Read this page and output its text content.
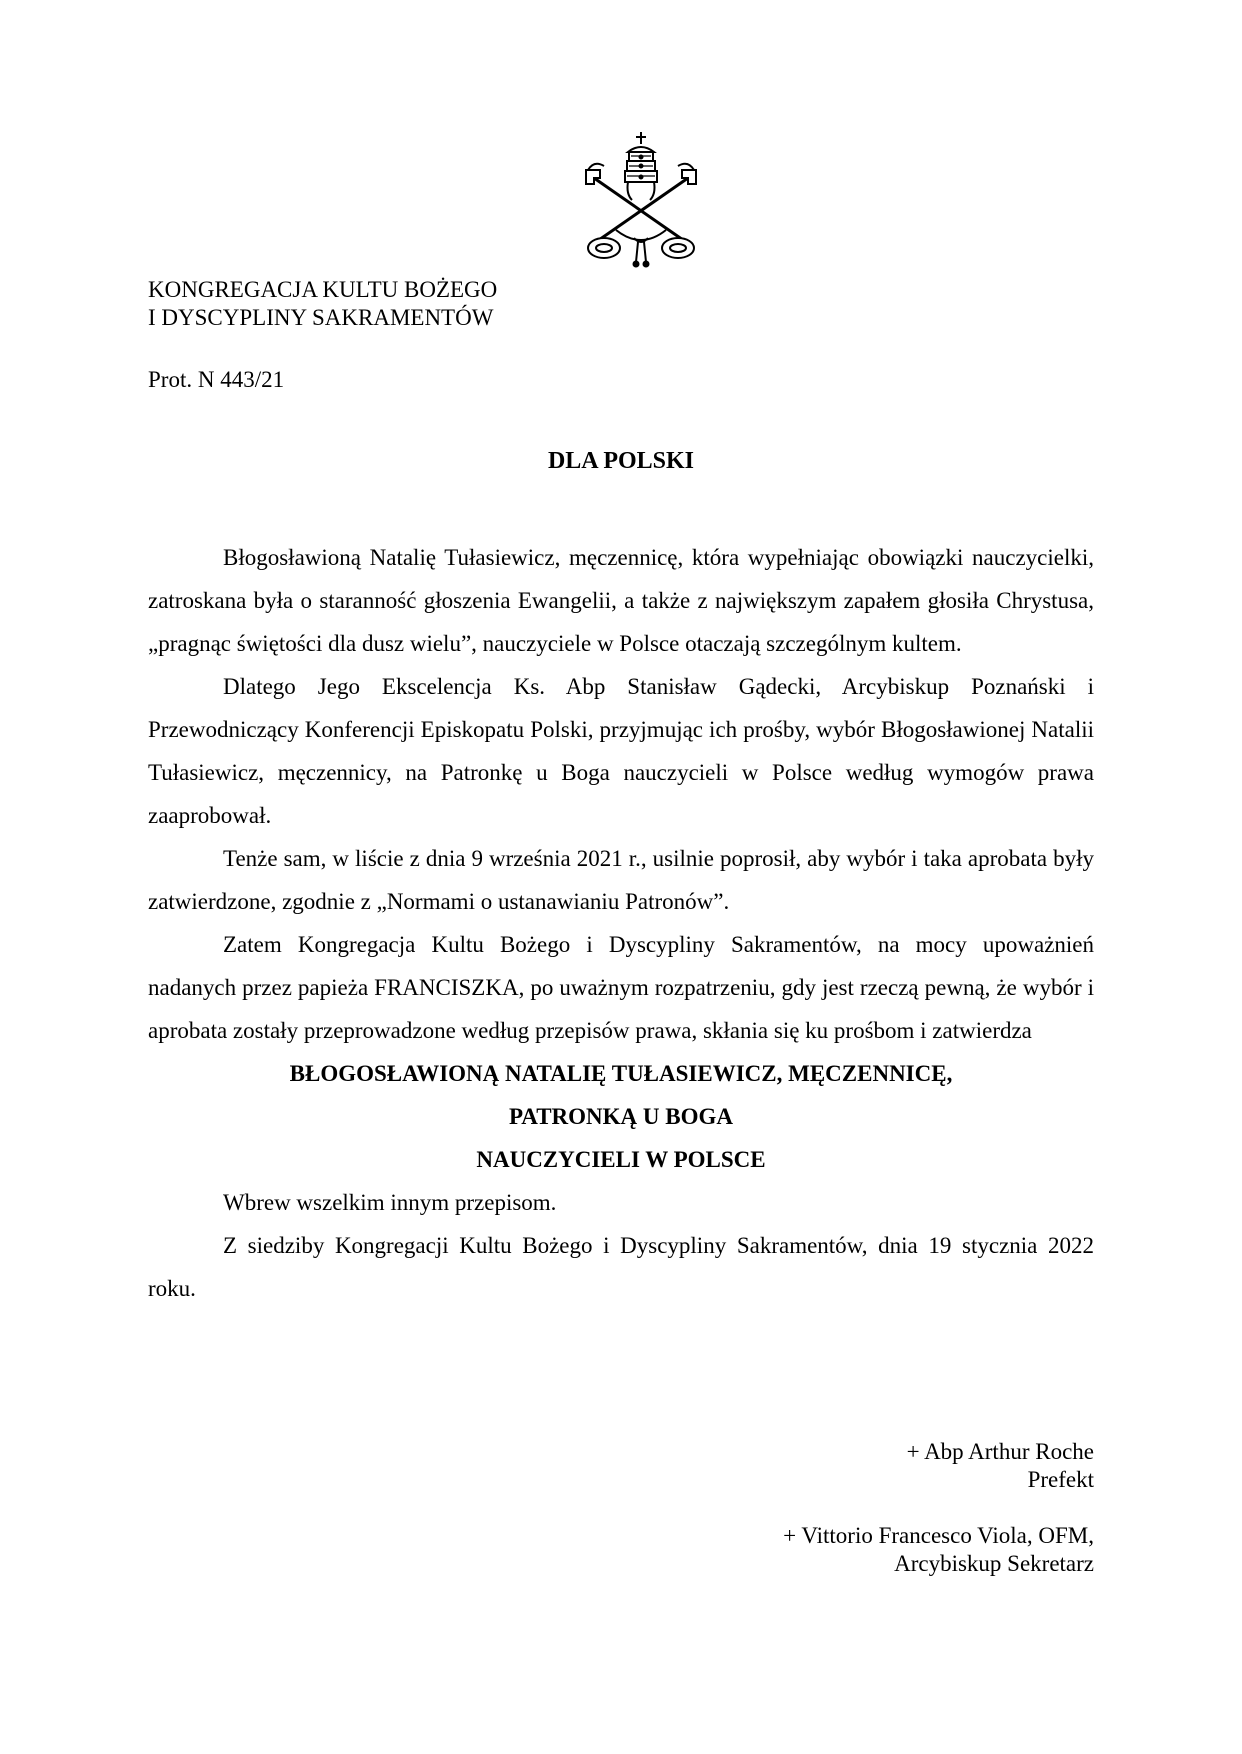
KONGREGACJA KULTU BOŻEGO
I DYSCYPLINY SAKRAMENTÓW
Prot. N 443/21
DLA POLSKI

Błogosławioną Natalię Tułasiewicz, męczennicę, która wypełniając obowiązki nauczycielki, zatroskana była o staranność głoszenia Ewangelii, a także z największym zapałem głosiła Chrystusa, „pragnąc świętości dla dusz wielu”, nauczyciele w Polsce otaczają szczególnym kultem.

Dlatego Jego Ekscelencja Ks. Abp Stanisław Gądecki, Arcybiskup Poznański i Przewodniczący Konferencji Episkopatu Polski, przyjmując ich prośby, wybór Błogosławionej Natalii Tułasiewicz, męczennicy, na Patronkę u Boga nauczycieli w Polsce według wymogów prawa zaaprobował.

Tenże sam, w liście z dnia 9 września 2021 r., usilnie poprosił, aby wybór i taka aprobata były zatwierdzone, zgodnie z „Normami o ustanawianiu Patronów”.

Zatem Kongregacja Kultu Bożego i Dyscypliny Sakramentów, na mocy upoważnień nadanych przez papieża FRANCISZKA, po uważnym rozpatrzeniu, gdy jest rzeczą pewną, że wybór i aprobata zostały przeprowadzone według przepisów prawa, skłania się ku prośbom i zatwierdza

BŁOGOSŁAWIONĄ NATALIĘ TUŁASIEWICZ, MĘCZENNICĘ,

PATRONKĄ U BOGA

NAUCZYCIELI W POLSCE

Wbrew wszelkim innym przepisom.

Z siedziby Kongregacji Kultu Bożego i Dyscypliny Sakramentów, dnia 19 stycznia 2022 roku.

+ Abp Arthur Roche
Prefekt
+ Vittorio Francesco Viola, OFM,
Arcybiskup Sekretarz
